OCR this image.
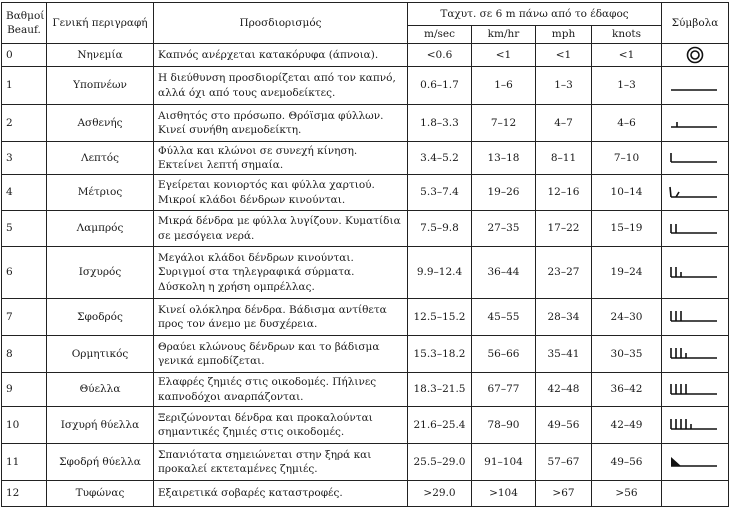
Βαθμοί Beauf.	Γενική περιγραφή	Προσδιορισμός	Ταχυτ. σε 6 m πάνω από το έδαφος				Σύμβολα
			m/sec	km/hr	mph	knots	
0	Νηνεμία	Καπνός ανέρχεται κατακόρυφα (άπνοια).	<0.6	<1	<1	<1	

1	Υποπνέων	Η διεύθυνση προσδιορίζεται από τον καπνό, αλλά όχι από τους ανεμοδείκτες.	0.6–1.7	1–6	1–3	1–3	

2	Ασθενής	Αισθητός στο πρόσωπο. Θρόϊσμα φύλλων. Κινεί συνήθη ανεμοδείκτη.	1.8–3.3	7–12	4–7	4–6	

3	Λεπτός	Φύλλα και κλώνοι σε συνεχή κίνηση. Εκτείνει λεπτή σημαία.	3.4–5.2	13–18	8–11	7–10	

4	Μέτριος	Εγείρεται κονιορτός και φύλλα χαρτιού. Μικροί κλάδοι δένδρων κινούνται.	5.3–7.4	19–26	12–16	10–14	

5	Λαμπρός	Μικρά δένδρα με φύλλα λυγίζουν. Κυματίδια σε μεσόγεια νερά.	7.5–9.8	27–35	17–22	15–19	

6	Ισχυρός	Μεγάλοι κλάδοι δένδρων κινούνται. Συριγμοί στα τηλεγραφικά σύρματα. Δύσκολη η χρήση ομπρέλλας.	9.9–12.4	36–44	23–27	19–24	

7	Σφοδρός	Κινεί ολόκληρα δένδρα. Βάδισμα αντίθετα προς τον άνεμο με δυσχέρεια.	12.5–15.2	45–55	28–34	24–30	

8	Ορμητικός	Θραύει κλώνους δένδρων και το βάδισμα γενικά εμποδίζεται.	15.3–18.2	56–66	35–41	30–35	

9	Θύελλα	Ελαφρές ζημιές στις οικοδομές. Πήλινες καπνοδόχοι αναρπάζονται.	18.3–21.5	67–77	42–48	36–42	

10	Ισχυρή θύελλα	Ξεριζώνονται δένδρα και προκαλούνται σημαντικές ζημιές στις οικοδομές.	21.6–25.4	78–90	49–56	42–49	

11	Σφοδρή θύελλα	Σπανιότατα σημειώνεται στην ξηρά και προκαλεί εκτεταμένες ζημιές.	25.5–29.0	91–104	57–67	49–56	

12	Τυφώνας	Εξαιρετικά σοβαρές καταστροφές.	>29.0	>104	>67	>56	
